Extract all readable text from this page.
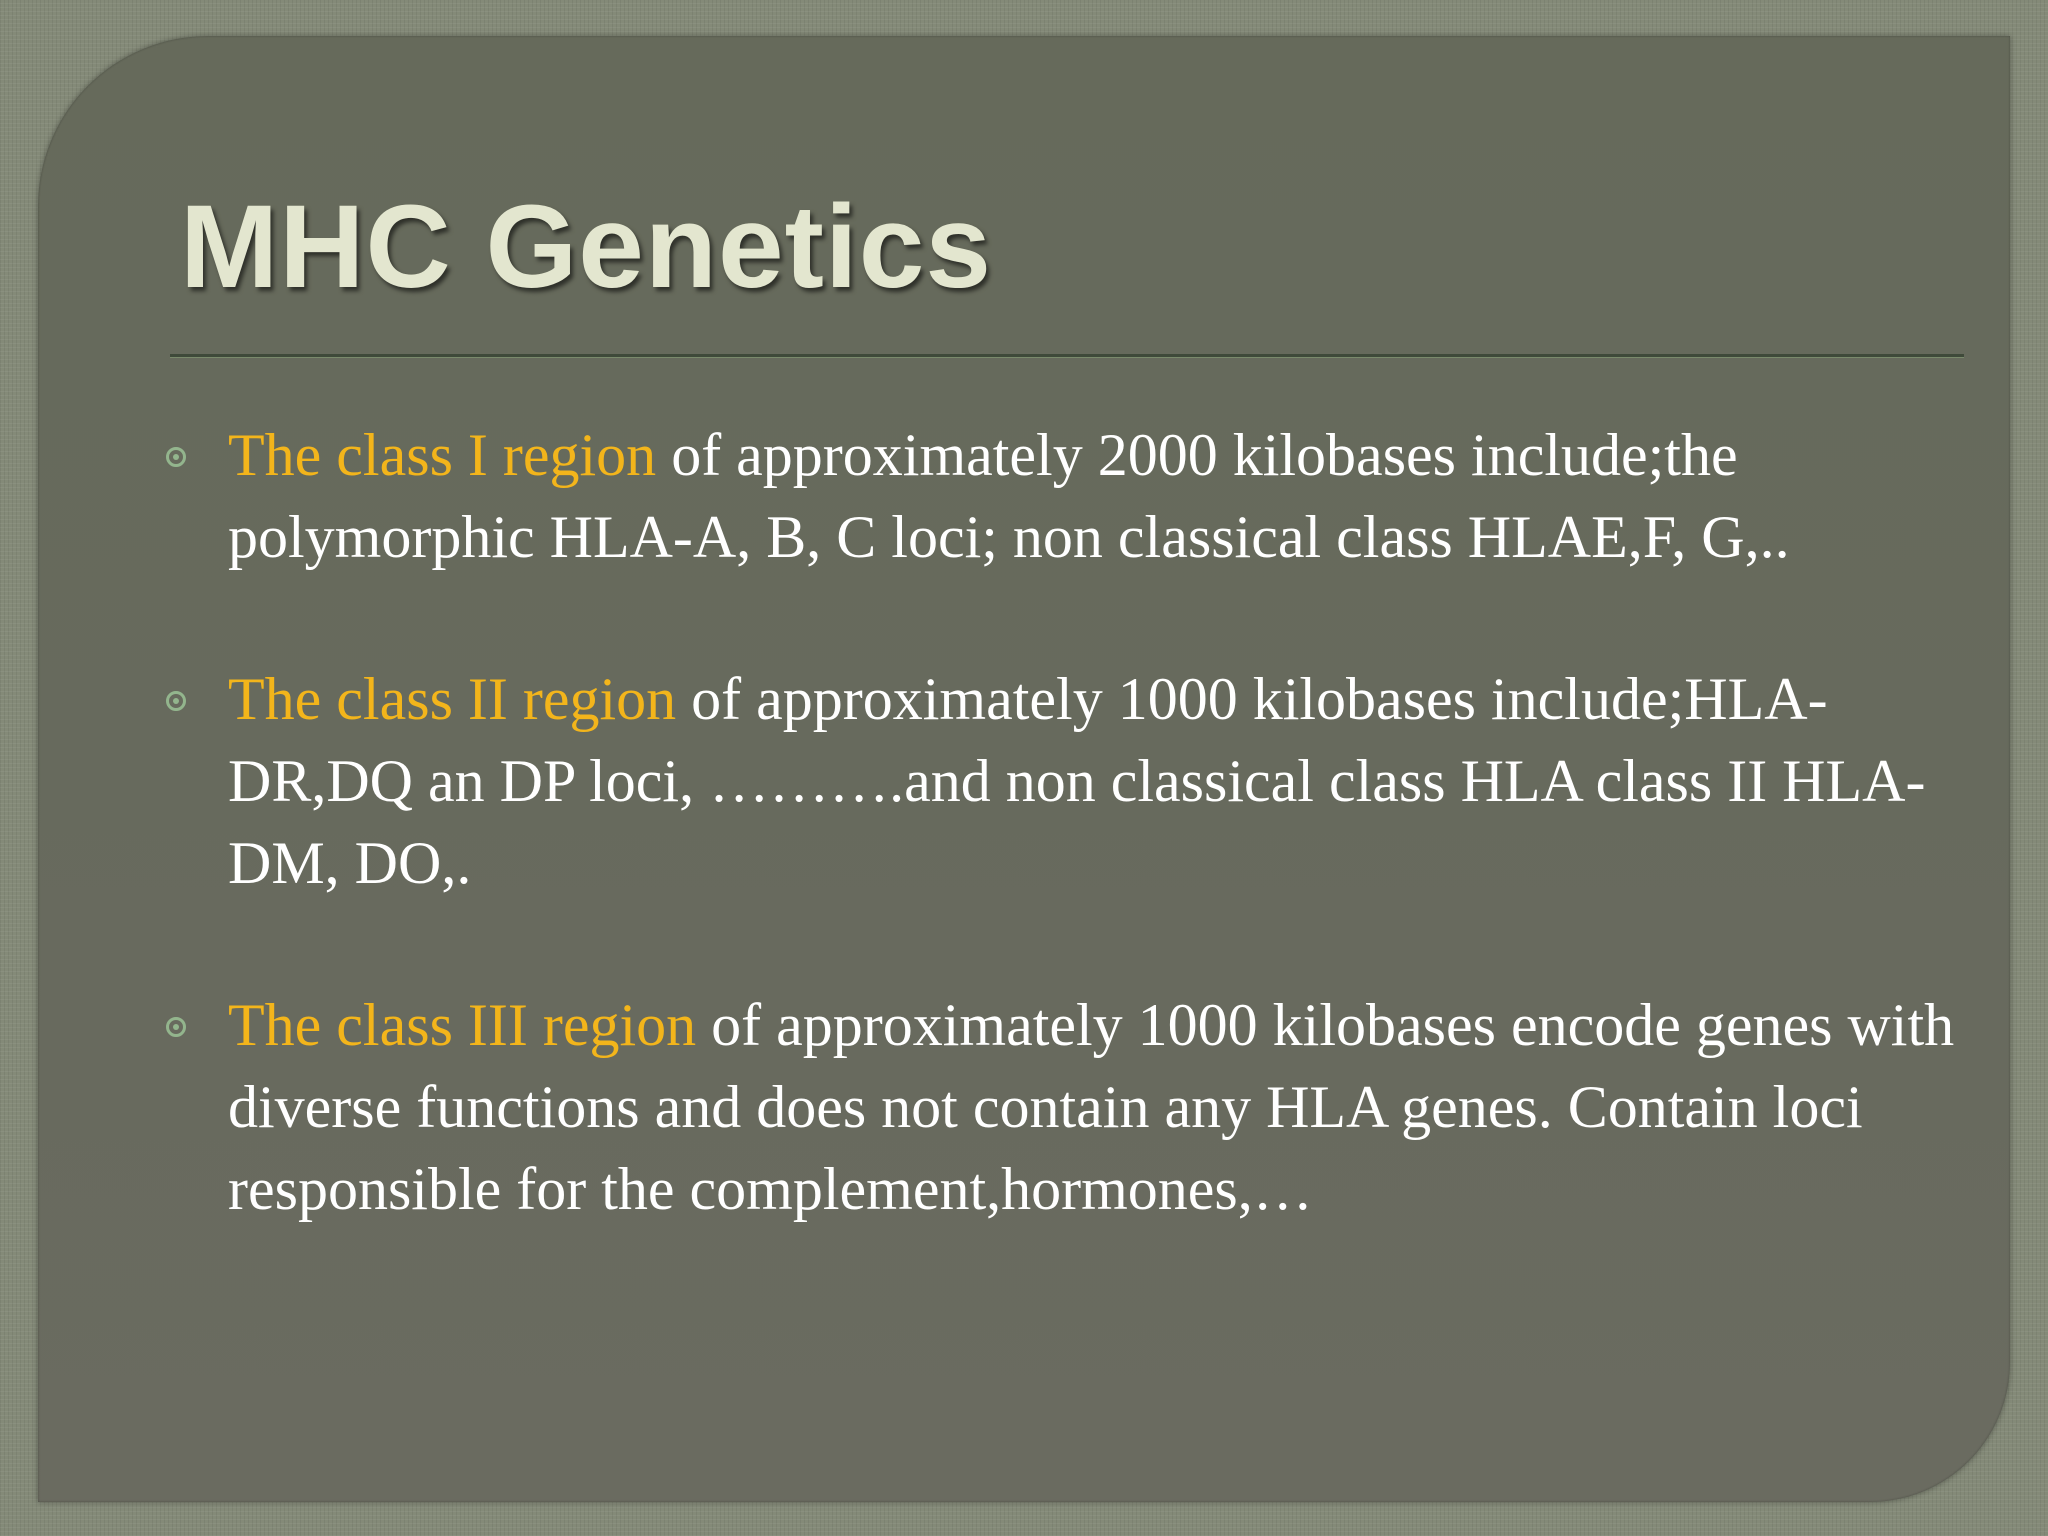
MHC Genetics
The class I region of approximately 2000 kilobases include;the polymorphic HLA-A, B, C loci; non classical class HLAE,F, G,..
The class II region of approximately 1000 kilobases include;HLA-DR,DQ an DP loci, ……….and non classical class HLA class II HLA-DM, DO,.
The class III region of approximately 1000 kilobases encode genes with diverse functions and does not contain any HLA genes. Contain loci responsible for the complement,hormones,…
